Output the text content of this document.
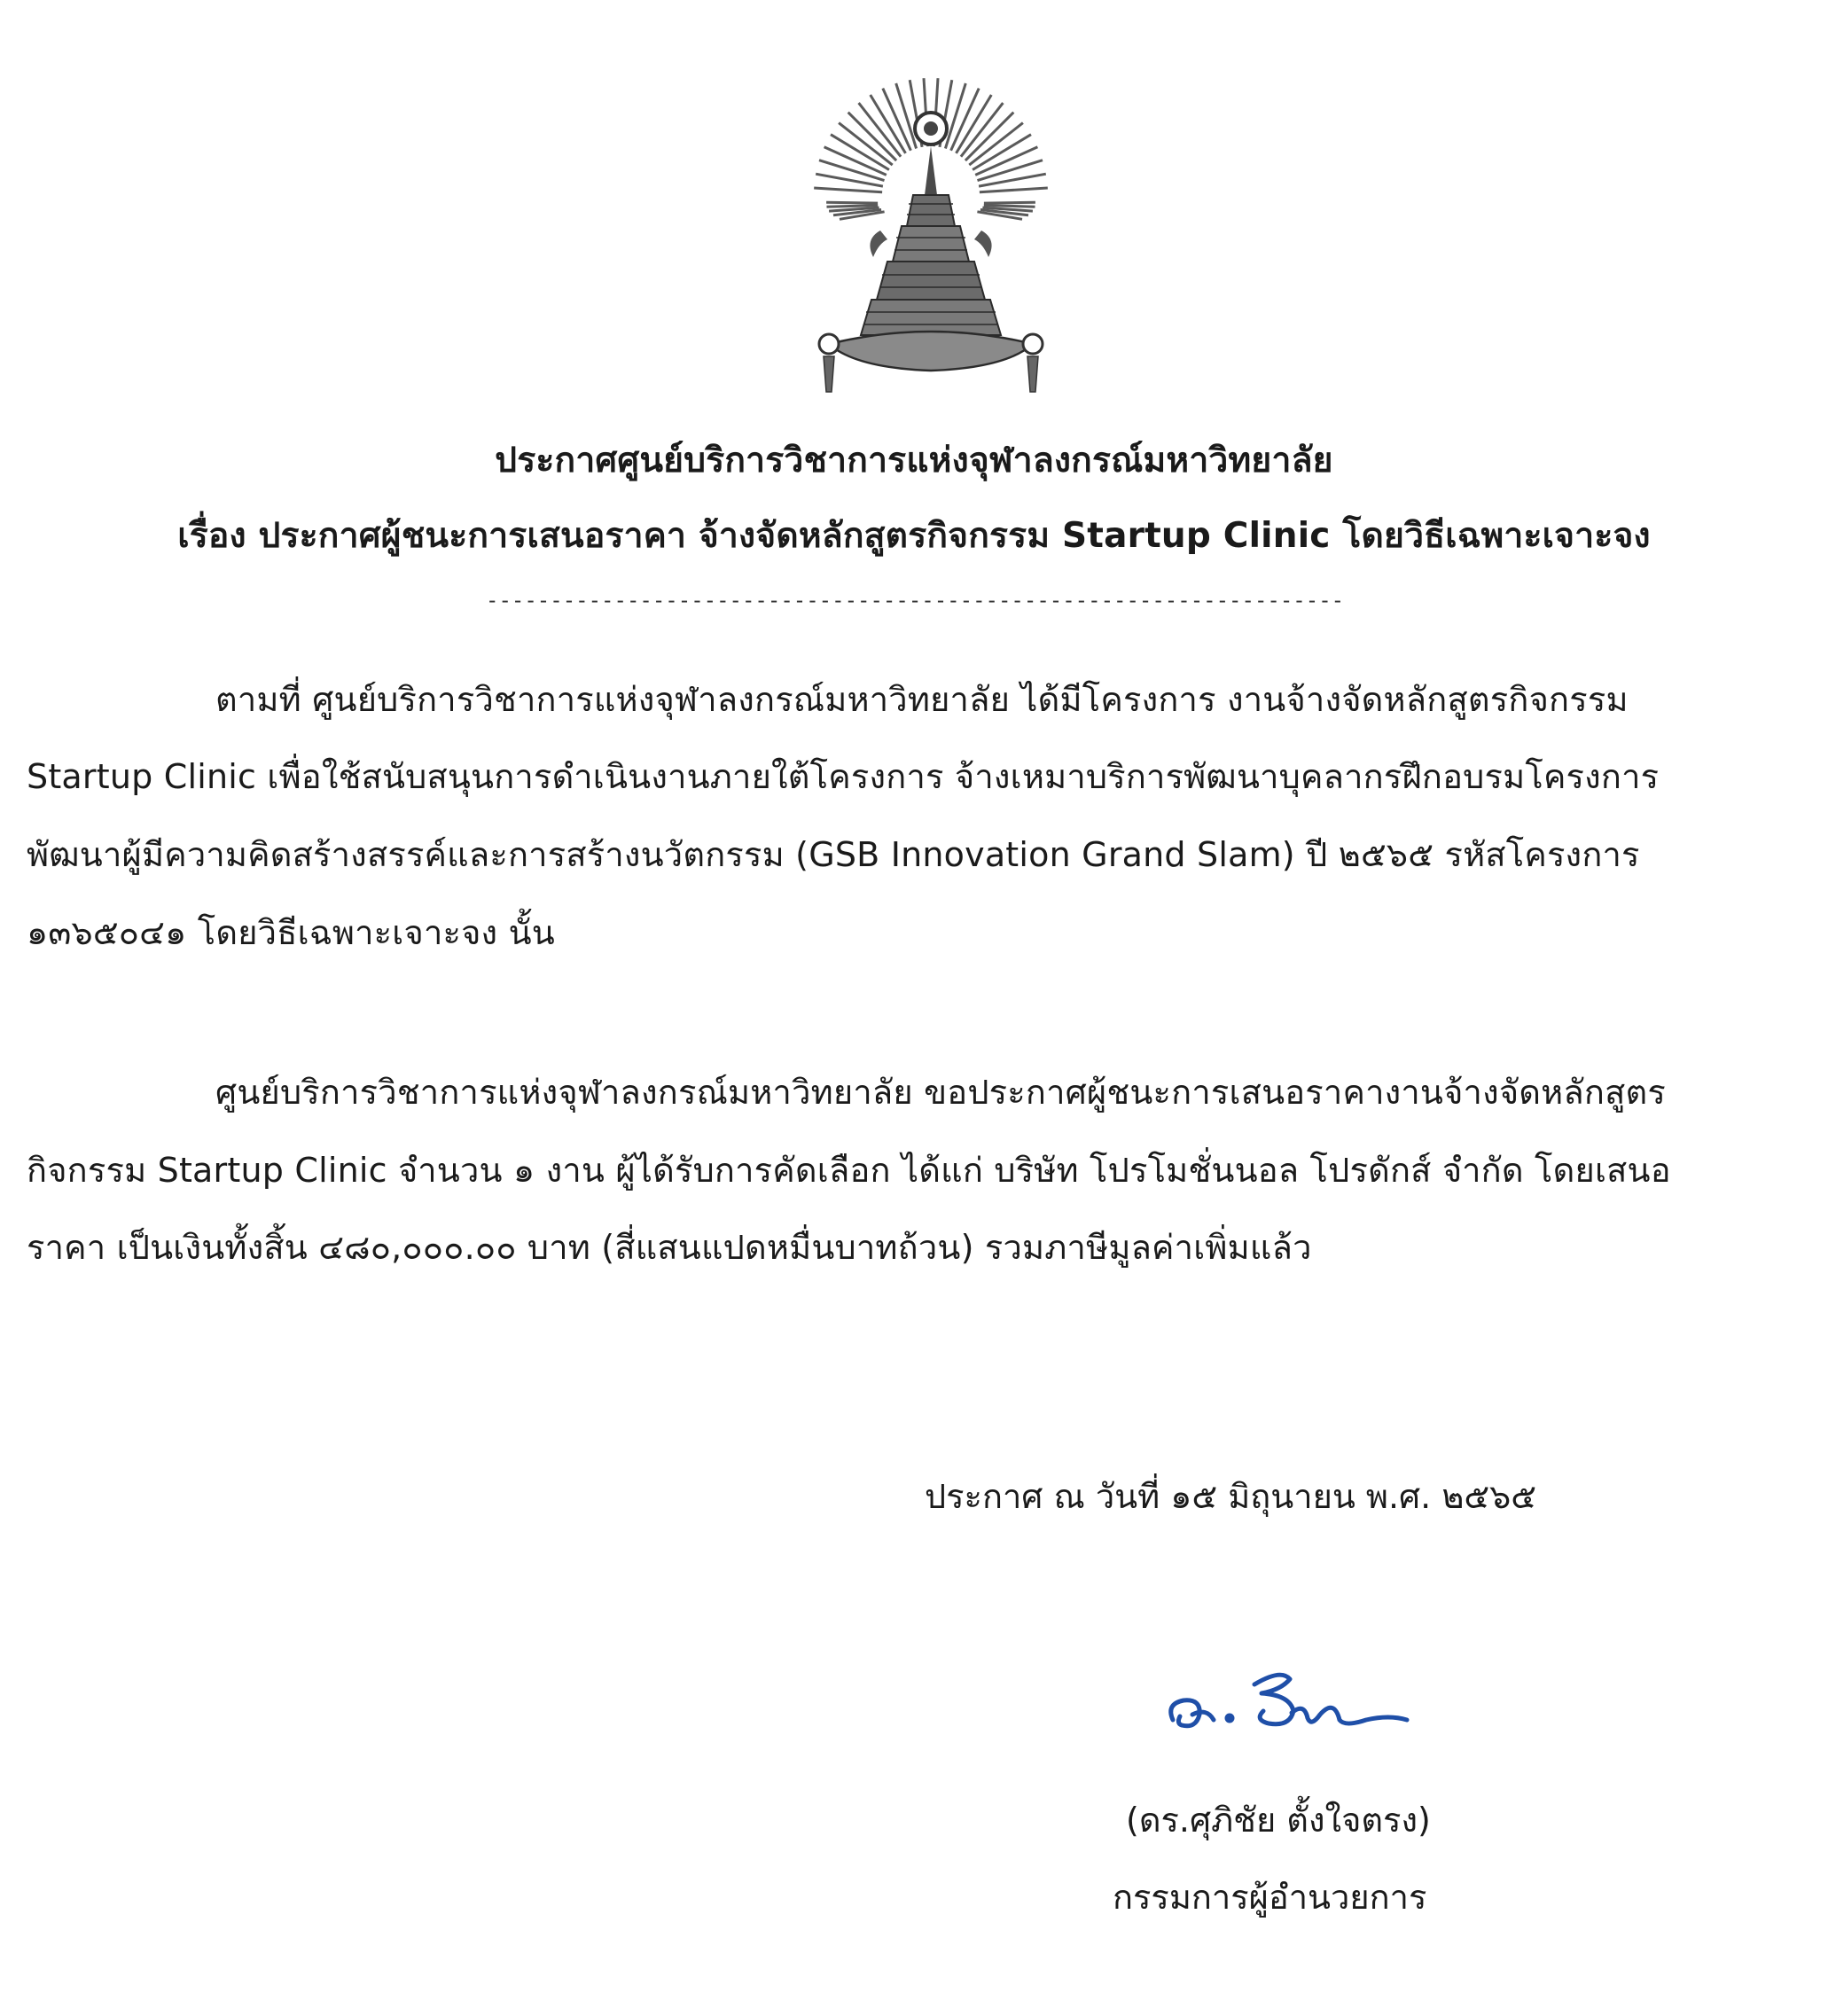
ประกาศศูนย์บริการวิชาการแห่งจุฬาลงกรณ์มหาวิทยาลัย
เรื่อง ประกาศผู้ชนะการเสนอราคา จ้างจัดหลักสูตรกิจกรรม Startup Clinic โดยวิธีเฉพาะเจาะจง
-------------------------------------------------------------------
ตามที่ ศูนย์บริการวิชาการแห่งจุฬาลงกรณ์มหาวิทยาลัย ได้มีโครงการ งานจ้างจัดหลักสูตรกิจกรรม
Startup Clinic เพื่อใช้สนับสนุนการดำเนินงานภายใต้โครงการ จ้างเหมาบริการพัฒนาบุคลากรฝึกอบรมโครงการ
พัฒนาผู้มีความคิดสร้างสรรค์และการสร้างนวัตกรรม (GSB Innovation Grand Slam) ปี ๒๕๖๕ รหัสโครงการ
๑๓๖๕๐๔๑ โดยวิธีเฉพาะเจาะจง นั้น
ศูนย์บริการวิชาการแห่งจุฬาลงกรณ์มหาวิทยาลัย ขอประกาศผู้ชนะการเสนอราคางานจ้างจัดหลักสูตร
กิจกรรม Startup Clinic จำนวน ๑ งาน ผู้ได้รับการคัดเลือก ได้แก่ บริษัท โปรโมชั่นนอล โปรดักส์ จำกัด โดยเสนอ
ราคา เป็นเงินทั้งสิ้น ๔๘๐,๐๐๐.๐๐ บาท (สี่แสนแปดหมื่นบาทถ้วน) รวมภาษีมูลค่าเพิ่มแล้ว
ประกาศ ณ วันที่ ๑๕ มิถุนายน พ.ศ. ๒๕๖๕
(ดร.ศุภิชัย ตั้งใจตรง)
กรรมการผู้อำนวยการ
